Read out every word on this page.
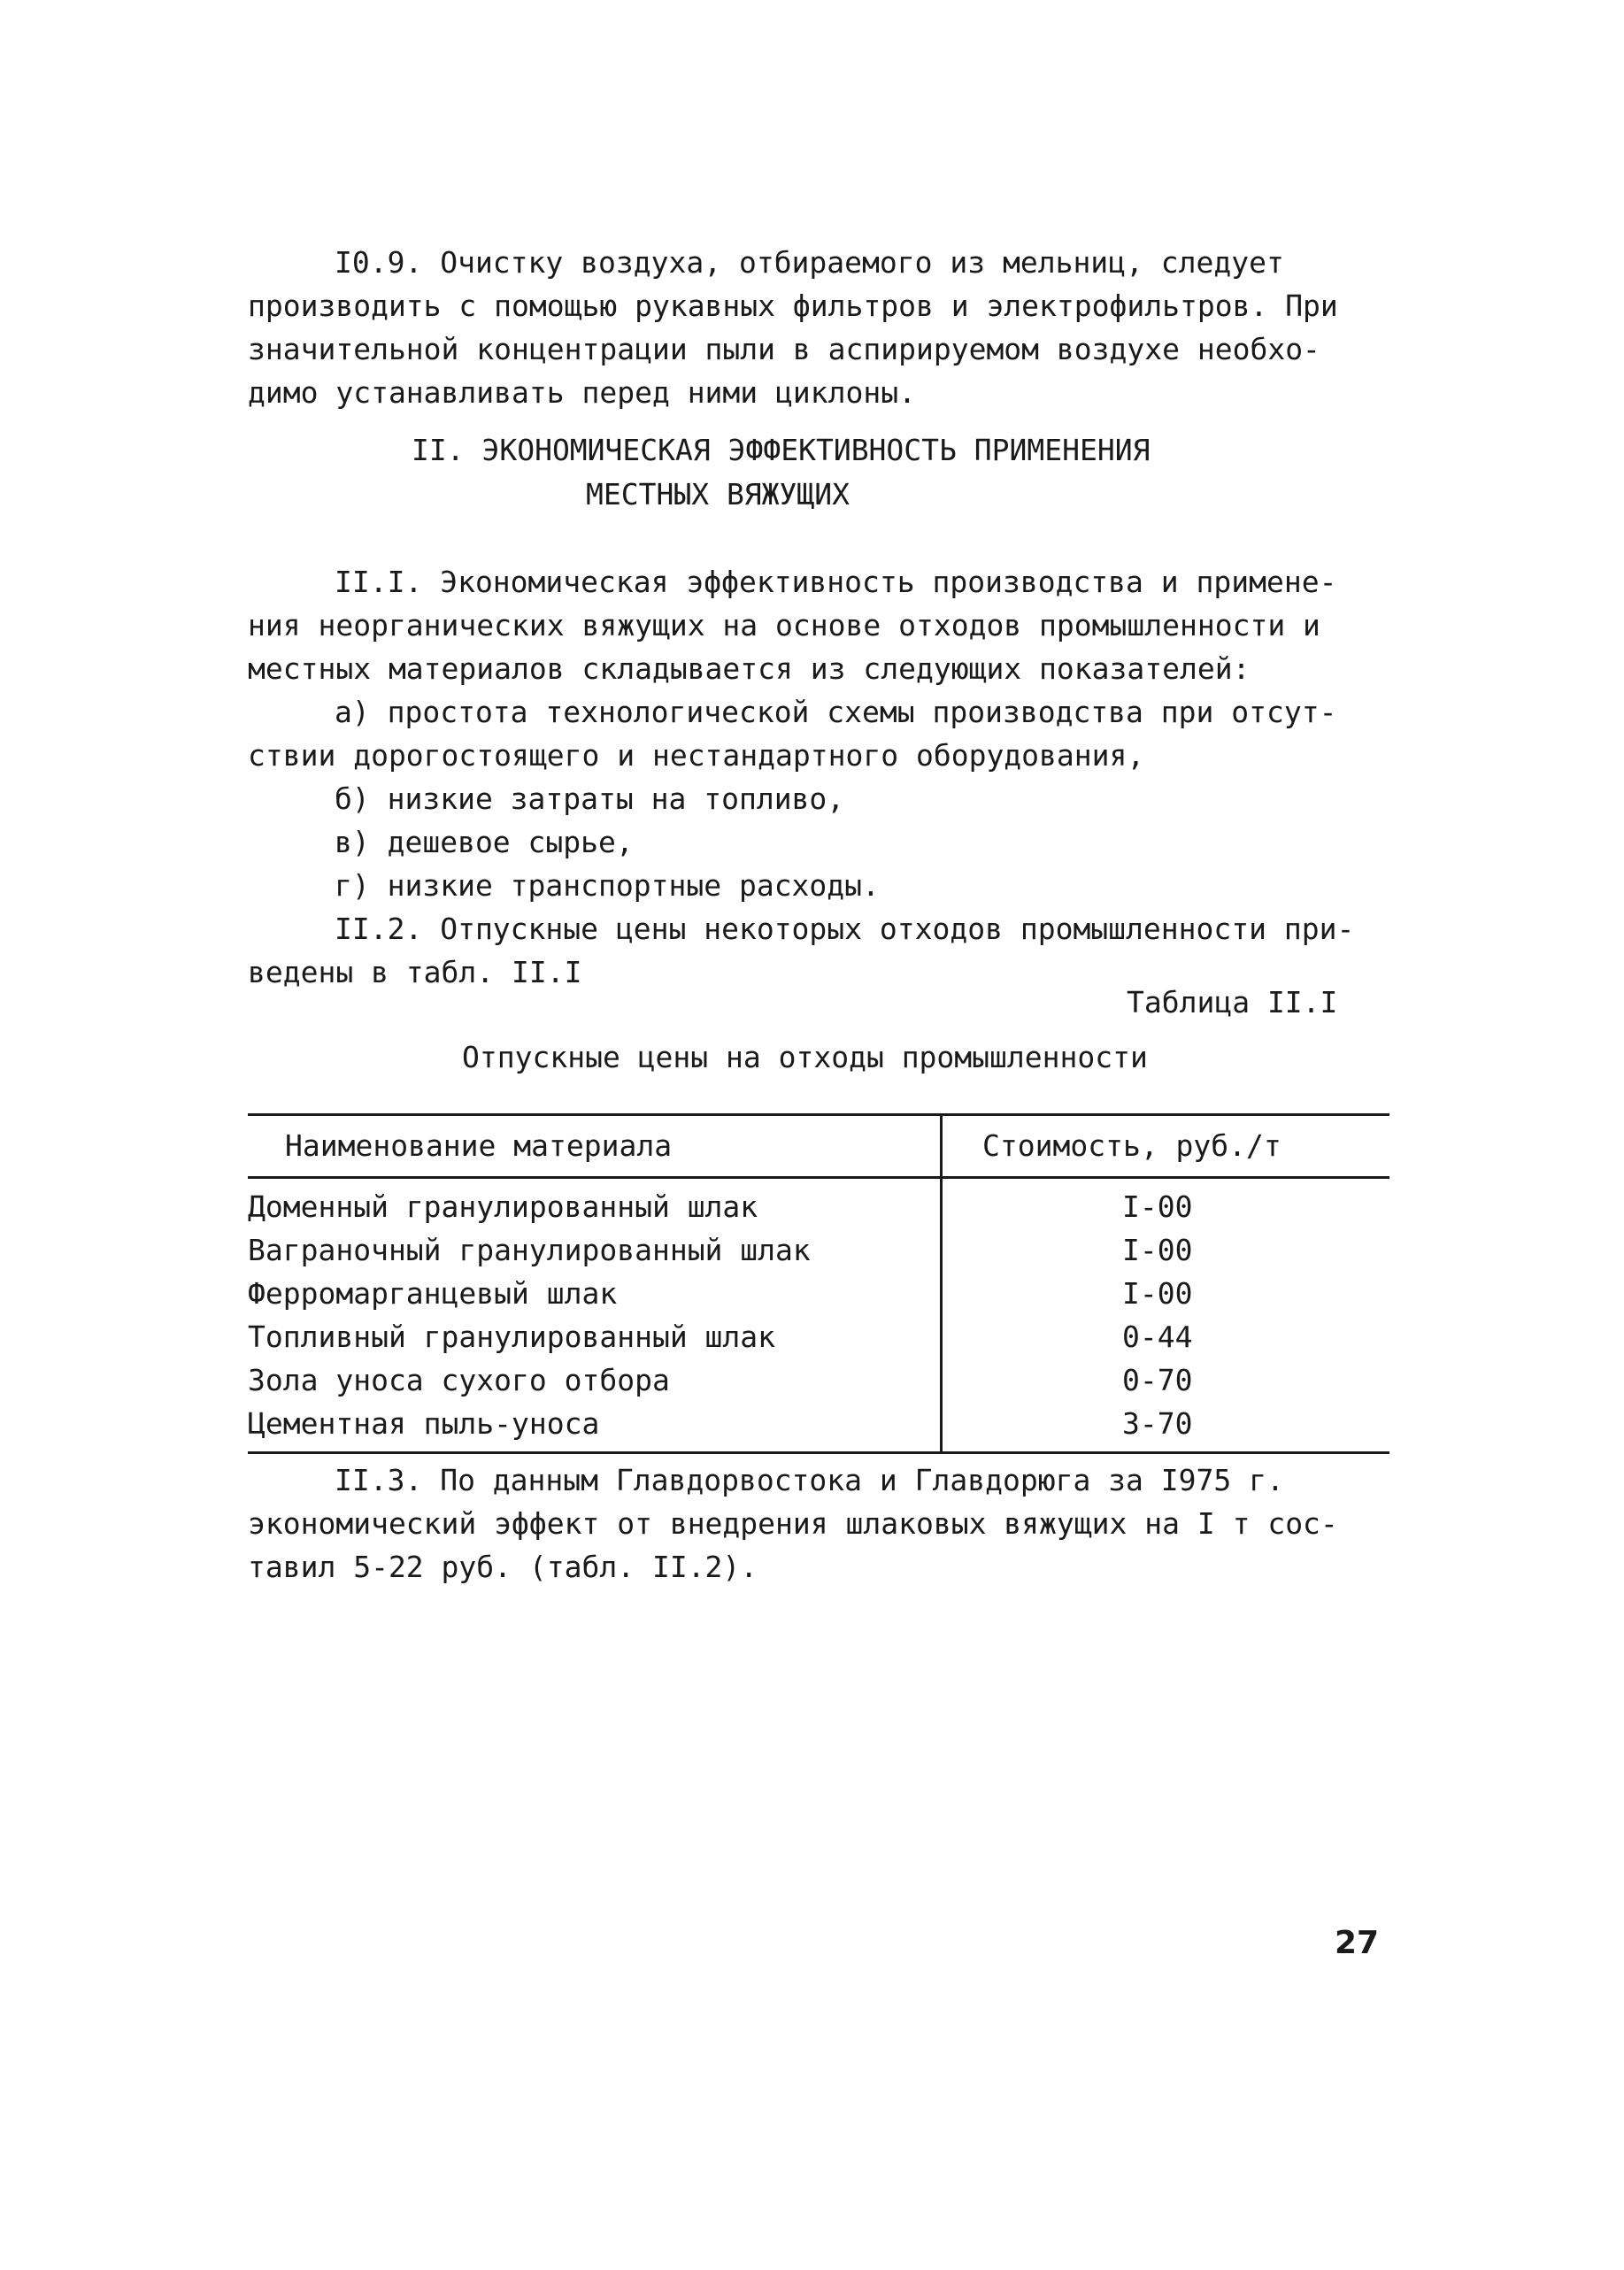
I0.9. Очистку воздуха, отбираемого из мельниц, следует
производить с помощью рукавных фильтров и электрофильтров. При
значительной концентрации пыли в аспирируемом воздухе необхо-
димо устанавливать перед ними циклоны.
II. ЭКОНОМИЧЕСКАЯ ЭФФЕКТИВНОСТЬ ПРИМЕНЕНИЯ
МЕСТНЫХ ВЯЖУЩИХ
II.I. Экономическая эффективность производства и примене-
ния неорганических вяжущих на основе отходов промышленности и
местных материалов складывается из следующих показателей:
а) простота технологической схемы производства при отсут-
ствии дорогостоящего и нестандартного оборудования,
б) низкие затраты на топливо,
в) дешевое сырье,
г) низкие транспортные расходы.
II.2. Отпускные цены некоторых отходов промышленности при-
ведены в табл. II.I
Таблица II.I
Отпускные цены на отходы промышленности
Наименование материала	Стоимость, руб./т
Доменный гранулированный шлак	I-00
Ваграночный гранулированный шлак	I-00
Ферромарганцевый шлак	I-00
Топливный гранулированный шлак	0-44
Зола уноса сухого отбора	0-70
Цементная пыль-уноса	3-70
II.3. По данным Главдорвостока и Главдорюга за I975 г.
экономический эффект от внедрения шлаковых вяжущих на I т сос-
тавил 5-22 руб. (табл. II.2).
27
